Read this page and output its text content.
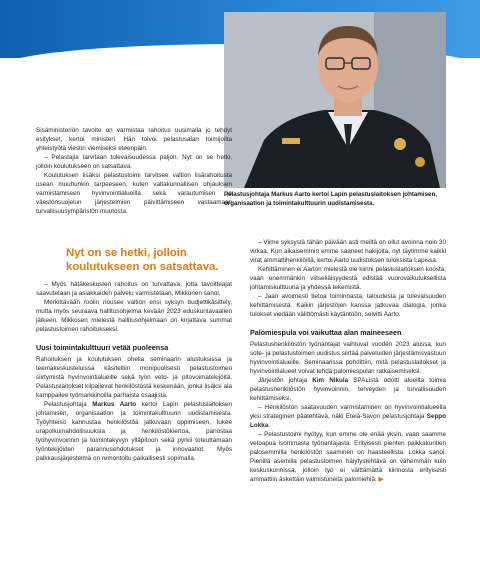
Pelastusjohtaja Markus Aarto kertoi Lapin pelastuslaitoksen johtamisen, organisaation ja toimintakulttuurin uudistamisesta.

Sisäministeriön tavoite on varmistaa rahoitus uusimalla jo tehdyt esitykset, kertoi ministeri. Hän toivoi pelastusalan toimijoilta yhteistyötä viestin viemiseksi eteenpäin.

– Pelastajia tarvitaan tulevaisuudessa paljon. Nyt on se hetki, jolloin koulutukseen on satsattava.

Koulutuksen lisäksi pelastustoimi tarvitsee valtion lisärahoitusta usean muuhunkin tarpeeseen, kuten valtakunnallisen ohjauksen varmistamiseen hyvinvointialueilla sekä varautumisen ja väestönsuojelun järjestelmien päivittämiseen vastaamaan turvallisuusympäristön muutosta.

– Myös hätäkeskusten rahoitus on turvattava, jotta tavoitteajat saavutetaan ja asiakkaiden palvelu varmistetaan, Mikkonen sanoi.

Merkittävään roolin nousee valtion ensi syksyn budjettikäsittely, mutta myös seuraava hallitusohjelma kevään 2023 eduskuntavaalien jälkeen. Mikkosen mielestä hallitusohjelmaan on kirjattava summat pelastustoimen rahoitukseksi.

Uusi toimintakulttuuri vetää puoleensa

Rahoituksen ja koulutuksen ohella seminaarin alustuksissa ja teemakeskusteluissa käsiteltiin monipuolisesti pelastustoimen siirtymistä hyvinvointialueille sekä työn veto- ja pitovoimatekijöitä. Pelastuslaitokset kilpailevat henkilöstöstä keskenään, jonka lisäksi ala kamppailee työmarkkinoilla parhaista osaajista.

Pelastusjohtaja Markus Aarto kertoi Lapin pelastuslaitoksen johtamisen, organisaation ja toimintakulttuurin uudistamisesta. Työyhteisö kannustaa henkilöstöä jatkuvaan oppimiseen, tukee urapolkumahdollisuuksia ja henkilöstökiertoa, panostaa työhyvinvoinnin ja toimintakyvyn ylläpitoon sekä pyrkii toteuttamaan työntekijöiden parannusehdotukset ja innovaatiot. Myös palkkausjärjestelmä on remontoitu paikallisesti sopimalla.

Nyt on se hetki, jolloin koulutukseen on satsattava.

– Viime syksystä tähän päivään asti meiltä on ollut avoinna noin 30 virkaa. Kun aikaisemmin emme saaneet hakijoita, nyt täytimme kaikki virat ammattihenkilöillä, kertoi Aarto uudistuksen tuloksista Lapissa.

Kehittäminen ei Aarton mielestä ole kiinni pelastuslaitoksen koosta, vaan enemmänkin viitseliäisyydestä edistää vuorovaikutuksellista johtamiskulttuuria ja yhdessä tekemistä.

– Jaan avoimesti tietoa toiminnasta, taloudesta ja tulevaisuuden kehittämisestä. Kaikin järjestöjen kanssa jatkuvaa dialogia, jonka tulokset viedään välittömästi käytäntöön, selvitti Aarto.

Palomiespula voi vaikuttaa alan maineeseen

Pelastushenkilöstön työnantajat vaihtuvat vuoden 2023 alussa, kun sote- ja pelastustoimen uudistus siirtää palveluiden järjestämisvastuun hyvinvointialueille. Seminaarissa pohdittiin, mitä pelastuslaitokset ja hyvinvointialueet voivat tehdä palomiespulan ratkaisemiseksi.

Järjestön johtaja Kim Nikula SPAListä odotti alueilta toimia pelastushenkilöstön hyvinvoinnin, terveyden ja turvallisuuden kehittämiseksi.

– Henkilöstön saatavuuden varmistaminen on hyvinvointialueella yksi strateginen päätehtävä, näki Etelä-Savon pelastusjohtaja Seppo Lokka.

– Pelastustoimi hyötyy, kun emme ole enää yksin, vaan saamme vetoapua isommasta työnantajasta. Erityisesti pienten paikkakuntien palosemmilla henkilöstön saaminen on haasteellista. Lokka sanoi. Pienillä asemilla pelastustoimen häiytystehtävä on vähemmän kuin keskuskunnissa, jolloin työ ei välttämättä kiinnosta erityisesti ammattiin äskettäin valmistuneita palomiehiä. ▶
